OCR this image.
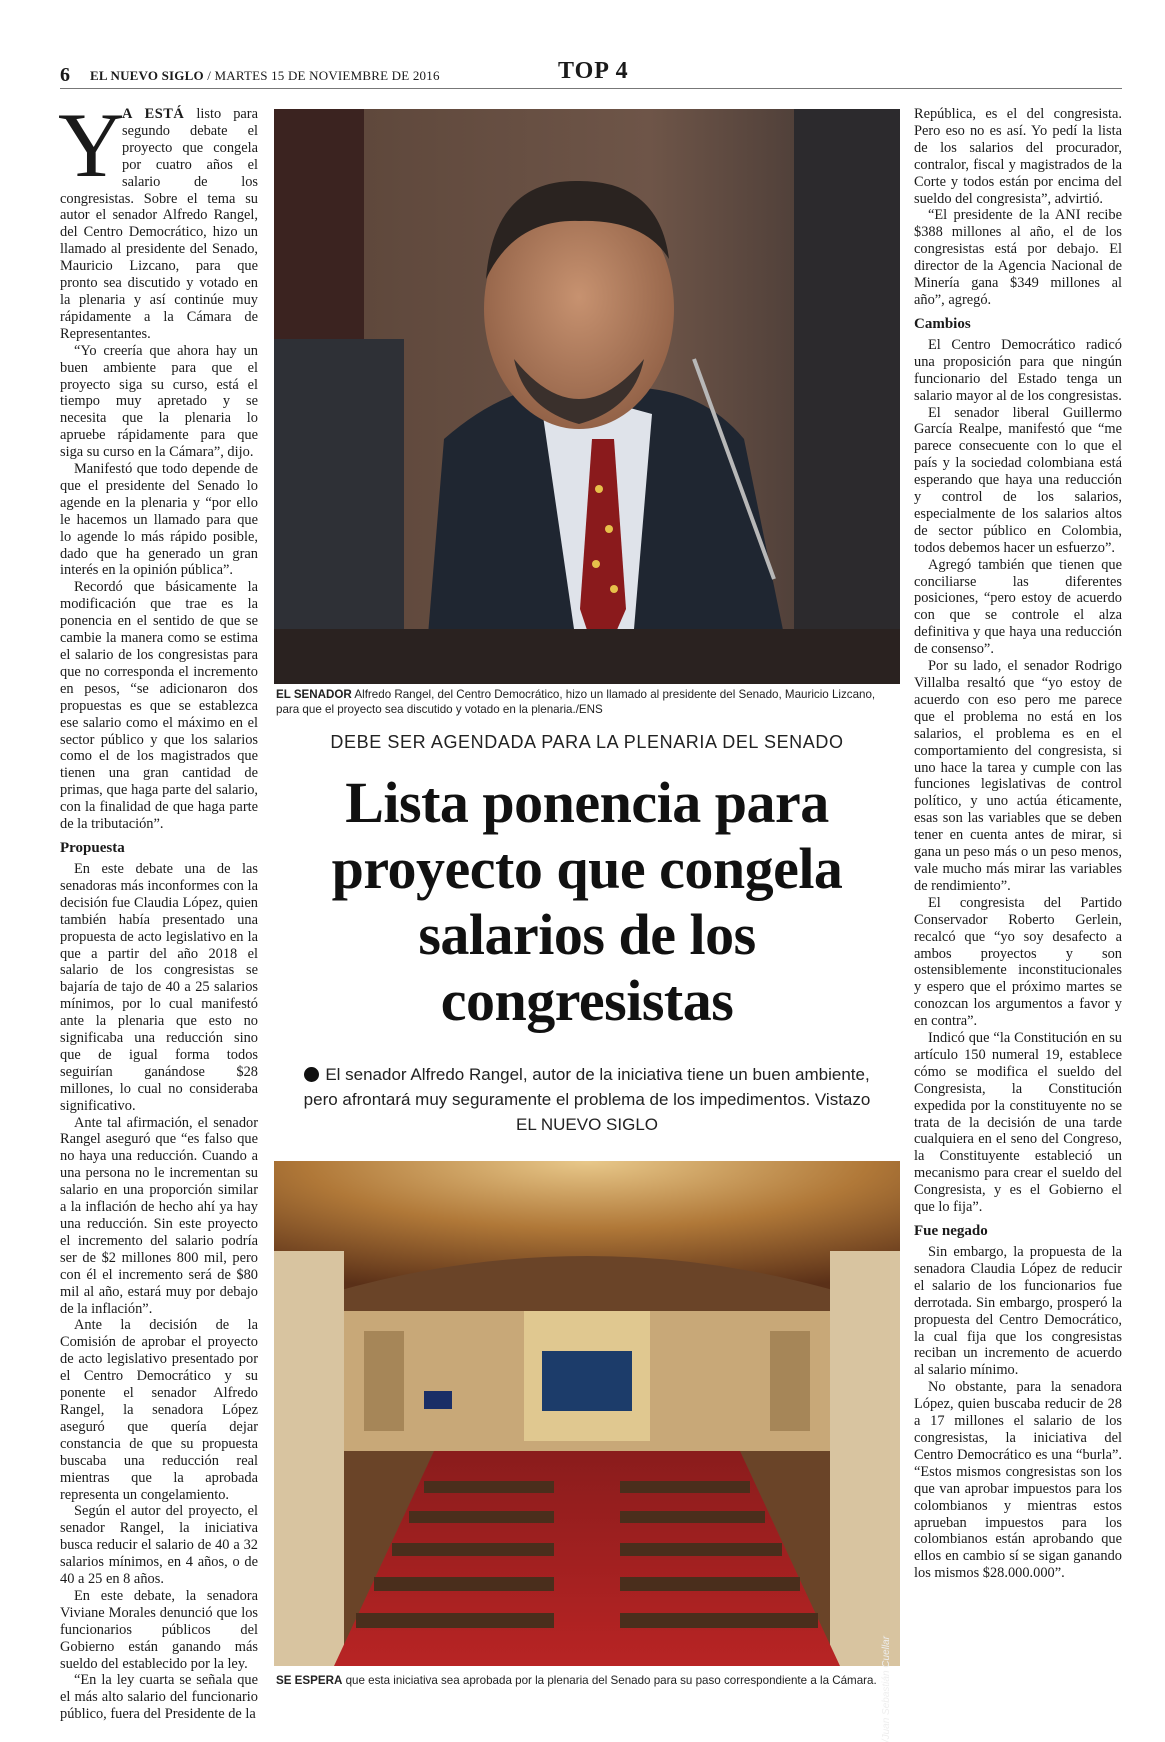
6 EL NUEVO SIGLO / MARTES 15 DE NOVIEMBRE DE 2016	TOP 4

Y
A ESTÁ listo para segundo debate el proyecto que congela por cuatro años el salario de los congresistas. Sobre el tema su autor el senador Alfredo Rangel, del Centro Democrático, hizo un llamado al presidente del Senado, Mauricio Lizcano, para que pronto sea discutido y votado en la plenaria y así continúe muy rápidamente a la Cámara de Representantes.

“Yo creería que ahora hay un buen ambiente para que el proyecto siga su curso, está el tiempo muy apretado y se necesita que la plenaria lo apruebe rápidamente para que siga su curso en la Cámara”, dijo.

Manifestó que todo depende de que el presidente del Senado lo agende en la plenaria y “por ello le hacemos un llamado para que lo agende lo más rápido posible, dado que ha generado un gran interés en la opinión pública”.

Recordó que básicamente la modificación que trae es la ponencia en el sentido de que se cambie la manera como se estima el salario de los congresistas para que no corresponda el incremento en pesos, “se adicionaron dos propuestas es que se establezca ese salario como el máximo en el sector público y que los salarios como el de los magistrados que tienen una gran cantidad de primas, que haga parte del salario, con la finalidad de que haga parte de la tributación”.

Propuesta

En este debate una de las senadoras más inconformes con la decisión fue Claudia López, quien también había presentado una propuesta de acto legislativo en la que a partir del año 2018 el salario de los congresistas se bajaría de tajo de 40 a 25 salarios mínimos, por lo cual manifestó ante la plenaria que esto no significaba una reducción sino que de igual forma todos seguirían ganándose $28 millones, lo cual no consideraba significativo.

Ante tal afirmación, el senador Rangel aseguró que “es falso que no haya una reducción. Cuando a una persona no le incrementan su salario en una proporción similar a la inflación de hecho ahí ya hay una reducción. Sin este proyecto el incremento del salario podría ser de $2 millones 800 mil, pero con él el incremento será de $80 mil al año, estará muy por debajo de la inflación”.

Ante la decisión de la Comisión de aprobar el proyecto de acto legislativo presentado por el Centro Democrático y su ponente el senador Alfredo Rangel, la senadora López aseguró que quería dejar constancia de que su propuesta buscaba una reducción real mientras que la aprobada representa un congelamiento.

Según el autor del proyecto, el senador Rangel, la iniciativa busca reducir el salario de 40 a 32 salarios mínimos, en 4 años, o de 40 a 25 en 8 años.

En este debate, la senadora Viviane Morales denunció que los funcionarios públicos del Gobierno están ganando más sueldo del establecido por la ley.

“En la ley cuarta se señala que el más alto salario del funcionario público, fuera del Presidente de la

EL SENADOR Alfredo Rangel, del Centro Democrático, hizo un llamado al presidente del Senado, Mauricio Lizcano, para que el proyecto sea discutido y votado en la plenaria./ENS
DEBE SER AGENDADA PARA LA PLENARIA DEL SENADO
Lista ponencia para proyecto que congela salarios de los congresistas
El senador Alfredo Rangel, autor de la iniciativa tiene un buen ambiente, pero afrontará muy seguramente el problema de los impedimentos. Vistazo EL NUEVO SIGLO
/Juan Sebastián Cuellar
SE ESPERA que esta iniciativa sea aprobada por la plenaria del Senado para su paso correspondiente a la Cámara.

República, es el del congresista. Pero eso no es así. Yo pedí la lista de los salarios del procurador, contralor, fiscal y magistrados de la Corte y todos están por encima del sueldo del congresista”, advirtió.

“El presidente de la ANI recibe $388 millones al año, el de los congresistas está por debajo. El director de la Agencia Nacional de Minería gana $349 millones al año”, agregó.

Cambios

El Centro Democrático radicó una proposición para que ningún funcionario del Estado tenga un salario mayor al de los congresistas.

El senador liberal Guillermo García Realpe, manifestó que “me parece consecuente con lo que el país y la sociedad colombiana está esperando que haya una reducción y control de los salarios, especialmente de los salarios altos de sector público en Colombia, todos debemos hacer un esfuerzo”.

Agregó también que tienen que conciliarse las diferentes posiciones, “pero estoy de acuerdo con que se controle el alza definitiva y que haya una reducción de consenso”.

Por su lado, el senador Rodrigo Villalba resaltó que “yo estoy de acuerdo con eso pero me parece que el problema no está en los salarios, el problema es en el comportamiento del congresista, si uno hace la tarea y cumple con las funciones legislativas de control político, y uno actúa éticamente, esas son las variables que se deben tener en cuenta antes de mirar, si gana un peso más o un peso menos, vale mucho más mirar las variables de rendimiento”.

El congresista del Partido Conservador Roberto Gerlein, recalcó que “yo soy desafecto a ambos proyectos y son ostensiblemente inconstitucionales y espero que el próximo martes se conozcan los argumentos a favor y en contra”.

Indicó que “la Constitución en su artículo 150 numeral 19, establece cómo se modifica el sueldo del Congresista, la Constitución expedida por la constituyente no se trata de la decisión de una tarde cualquiera en el seno del Congreso, la Constituyente estableció un mecanismo para crear el sueldo del Congresista, y es el Gobierno el que lo fija”.

Fue negado

Sin embargo, la propuesta de la senadora Claudia López de reducir el salario de los funcionarios fue derrotada. Sin embargo, prosperó la propuesta del Centro Democrático, la cual fija que los congresistas reciban un incremento de acuerdo al salario mínimo.

No obstante, para la senadora López, quien buscaba reducir de 28 a 17 millones el salario de los congresistas, la iniciativa del Centro Democrático es una “burla”. “Estos mismos congresistas son los que van aprobar impuestos para los colombianos y mientras estos aprueban impuestos para los colombianos están aprobando que ellos en cambio sí se sigan ganando los mismos $28.000.000”.
